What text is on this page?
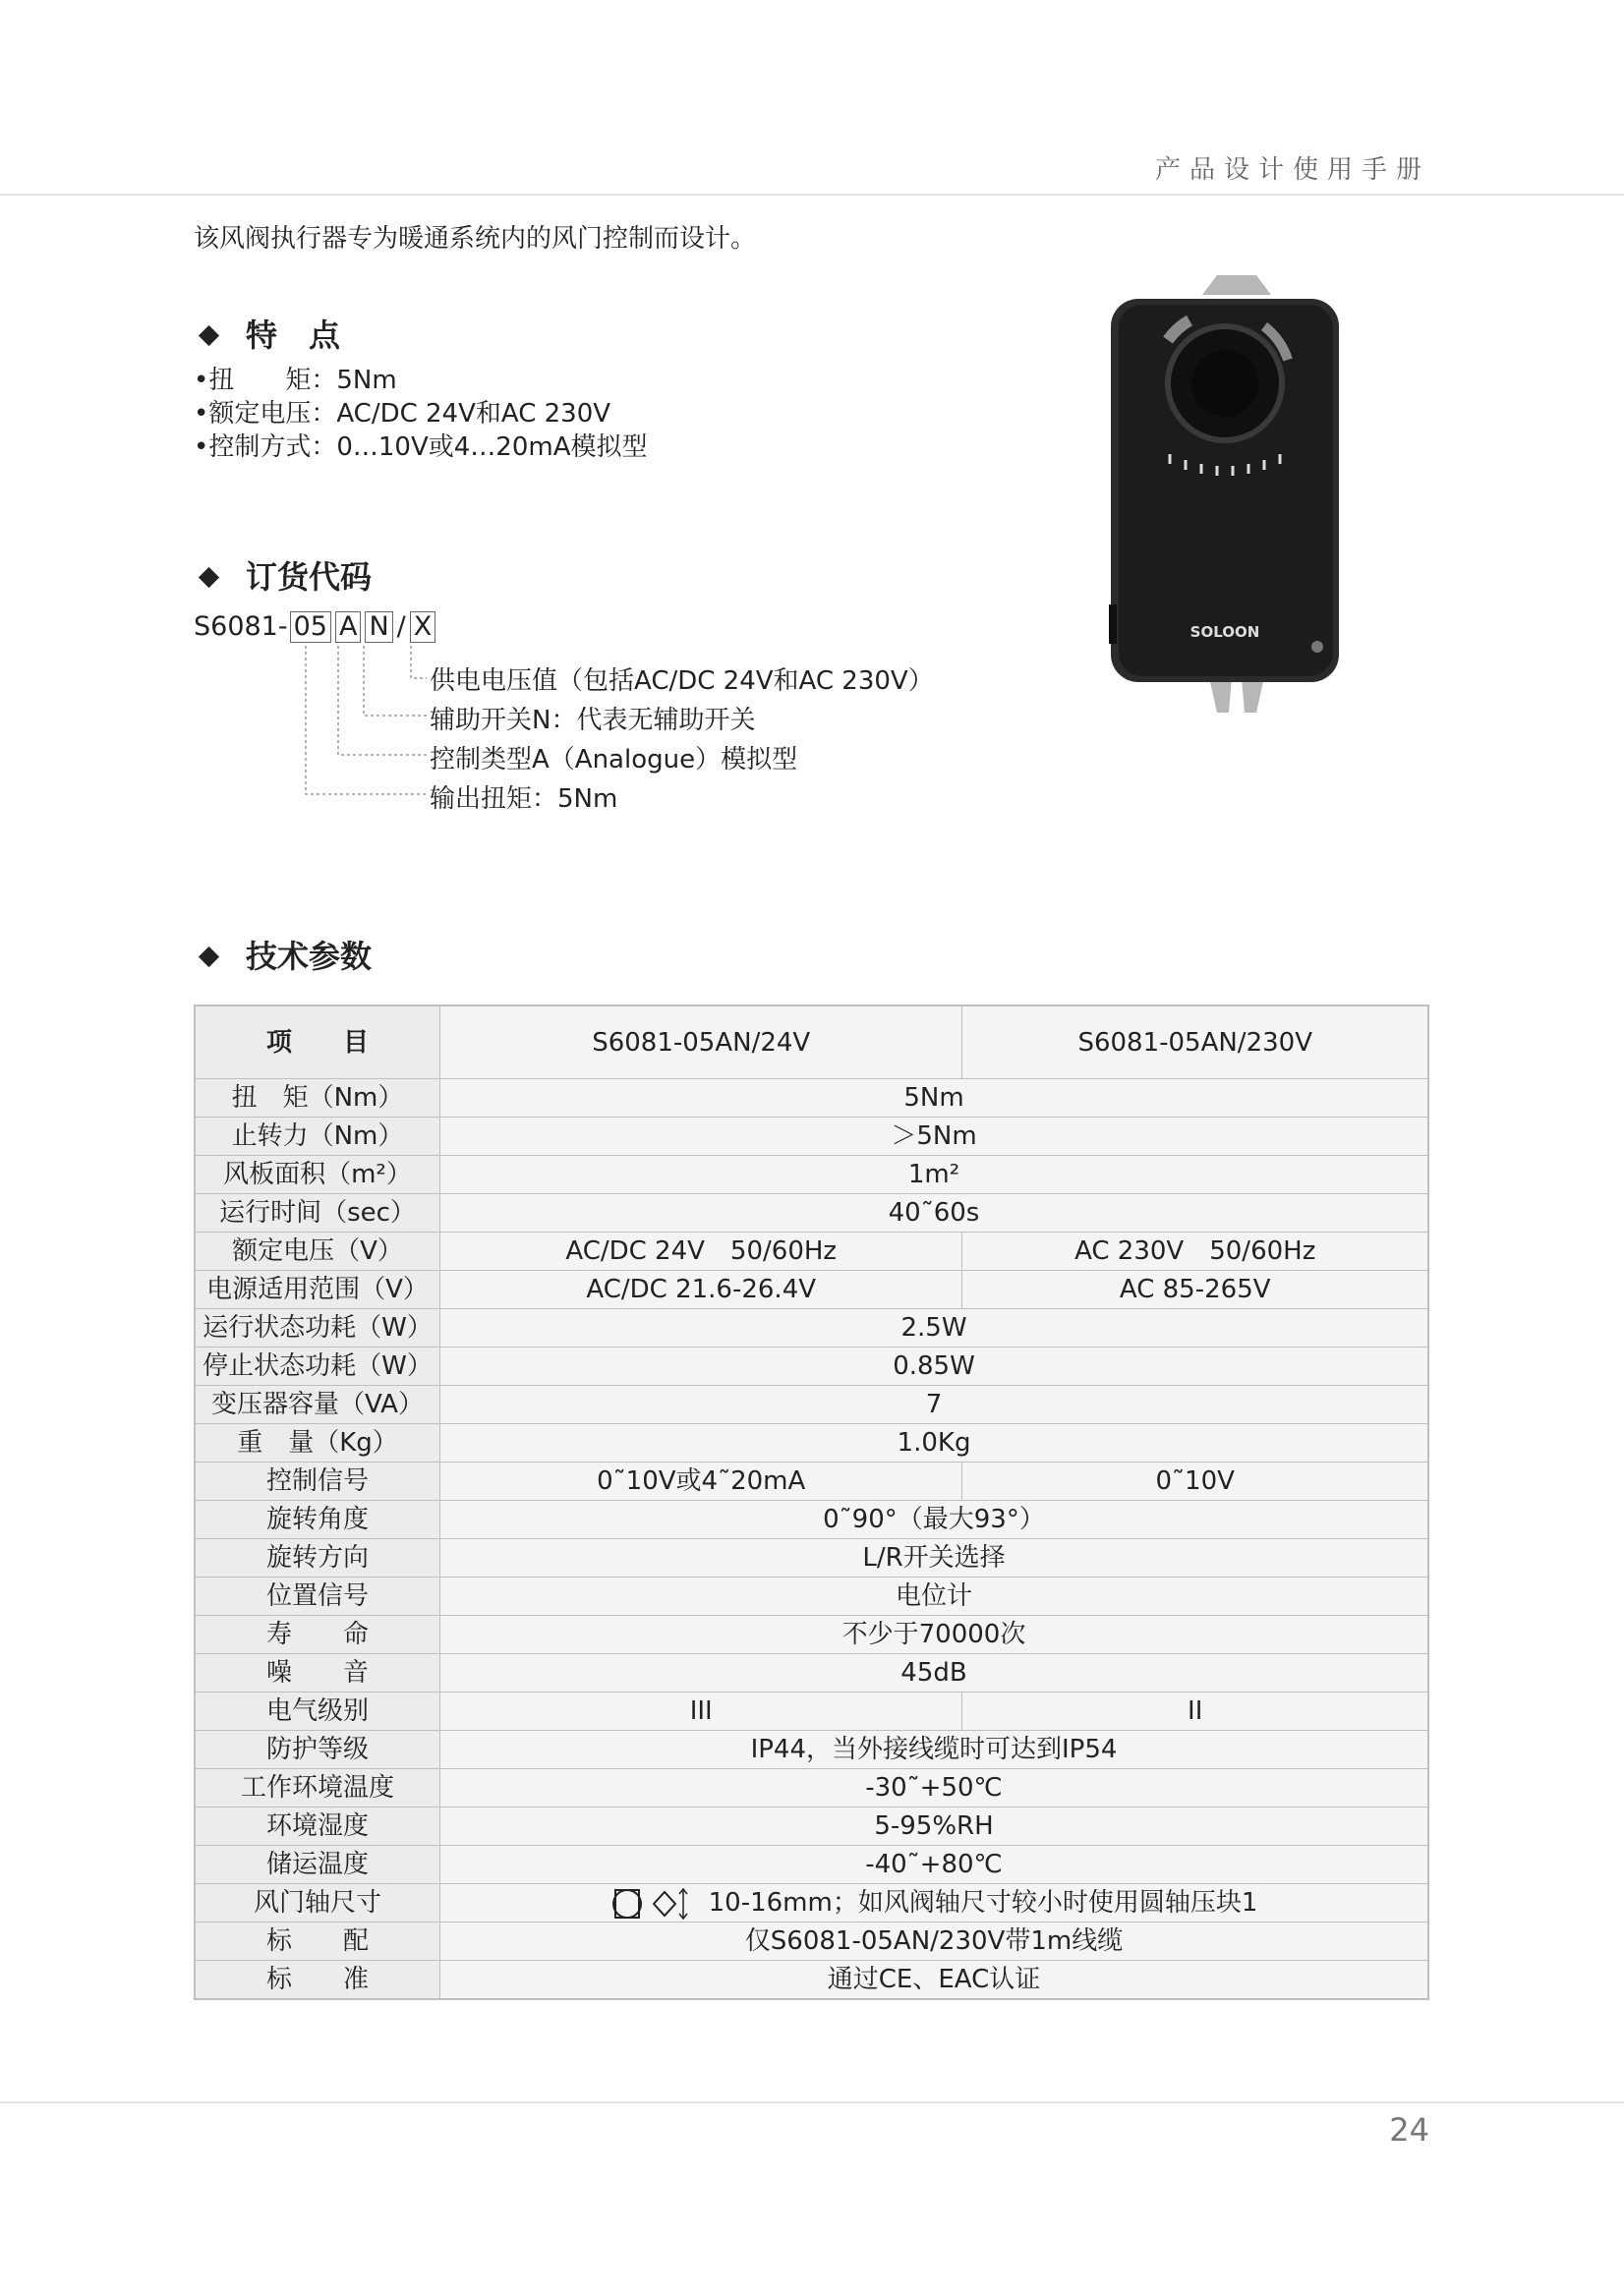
产品设计使用手册
该风阀执行器专为暖通系统内的风门控制而设计。
特　点
•扭　　矩：5Nm
•额定电压：AC/DC 24V和AC 230V
•控制方式：0…10V或4…20mA模拟型
订货代码
S6081- 05 A N / X
供电电压值（包括AC/DC 24V和AC 230V）
辅助开关N：代表无辅助开关
控制类型A（Analogue）模拟型
输出扭矩：5Nm
SOLOON
技术参数
项　　目	S6081-05AN/24V	S6081-05AN/230V
扭　矩（Nm）	5Nm	
止转力（Nm）	＞5Nm	
风板面积（m²）	1m²	
运行时间（sec）	40˜60s	
额定电压（V）	AC/DC 24V　50/60Hz	AC 230V　50/60Hz
电源适用范围（V）	AC/DC 21.6-26.4V	AC 85-265V
运行状态功耗（W）	2.5W	
停止状态功耗（W）	0.85W	
变压器容量（VA）	7	
重　量（Kg）	1.0Kg	
控制信号	0˜10V或4˜20mA	0˜10V
旋转角度	0˜90°（最大93°）	
旋转方向	L/R开关选择	
位置信号	电位计	
寿　　命	不少于70000次	
噪　　音	45dB	
电气级别	III	II
防护等级	IP44，当外接线缆时可达到IP54	
工作环境温度	-30˜+50℃	
环境湿度	5-95%RH	
储运温度	-40˜+80℃	
风门轴尺寸	10-16mm；如风阀轴尺寸较小时使用圆轴压块1	
标　　配	仅S6081-05AN/230V带1m线缆	
标　　准	通过CE、EAC认证	
24
